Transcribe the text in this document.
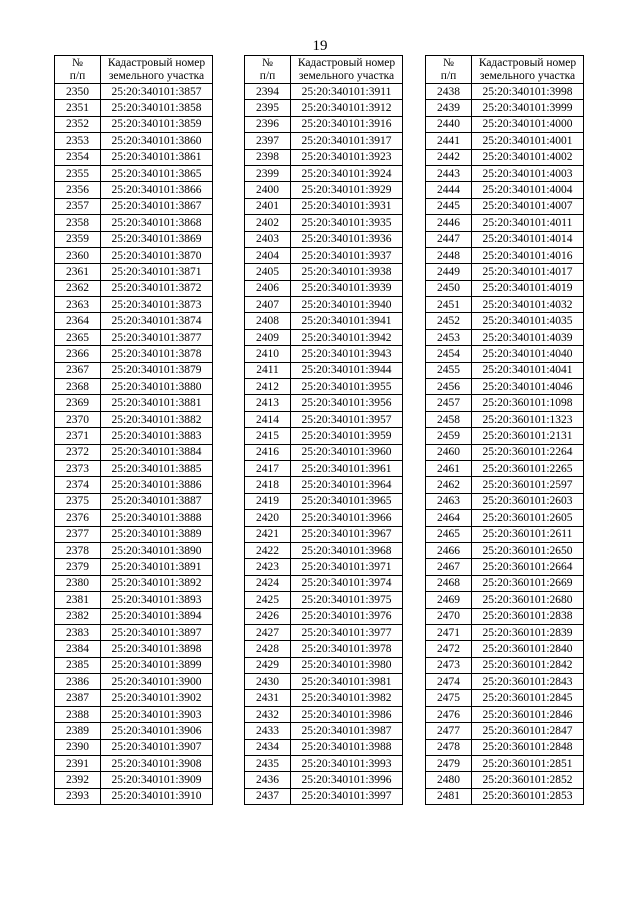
19
№
п/п	Кадастровый номер
земельного участка
2350	25:20:340101:3857
2351	25:20:340101:3858
2352	25:20:340101:3859
2353	25:20:340101:3860
2354	25:20:340101:3861
2355	25:20:340101:3865
2356	25:20:340101:3866
2357	25:20:340101:3867
2358	25:20:340101:3868
2359	25:20:340101:3869
2360	25:20:340101:3870
2361	25:20:340101:3871
2362	25:20:340101:3872
2363	25:20:340101:3873
2364	25:20:340101:3874
2365	25:20:340101:3877
2366	25:20:340101:3878
2367	25:20:340101:3879
2368	25:20:340101:3880
2369	25:20:340101:3881
2370	25:20:340101:3882
2371	25:20:340101:3883
2372	25:20:340101:3884
2373	25:20:340101:3885
2374	25:20:340101:3886
2375	25:20:340101:3887
2376	25:20:340101:3888
2377	25:20:340101:3889
2378	25:20:340101:3890
2379	25:20:340101:3891
2380	25:20:340101:3892
2381	25:20:340101:3893
2382	25:20:340101:3894
2383	25:20:340101:3897
2384	25:20:340101:3898
2385	25:20:340101:3899
2386	25:20:340101:3900
2387	25:20:340101:3902
2388	25:20:340101:3903
2389	25:20:340101:3906
2390	25:20:340101:3907
2391	25:20:340101:3908
2392	25:20:340101:3909
2393	25:20:340101:3910
№
п/п	Кадастровый номер
земельного участка
2394	25:20:340101:3911
2395	25:20:340101:3912
2396	25:20:340101:3916
2397	25:20:340101:3917
2398	25:20:340101:3923
2399	25:20:340101:3924
2400	25:20:340101:3929
2401	25:20:340101:3931
2402	25:20:340101:3935
2403	25:20:340101:3936
2404	25:20:340101:3937
2405	25:20:340101:3938
2406	25:20:340101:3939
2407	25:20:340101:3940
2408	25:20:340101:3941
2409	25:20:340101:3942
2410	25:20:340101:3943
2411	25:20:340101:3944
2412	25:20:340101:3955
2413	25:20:340101:3956
2414	25:20:340101:3957
2415	25:20:340101:3959
2416	25:20:340101:3960
2417	25:20:340101:3961
2418	25:20:340101:3964
2419	25:20:340101:3965
2420	25:20:340101:3966
2421	25:20:340101:3967
2422	25:20:340101:3968
2423	25:20:340101:3971
2424	25:20:340101:3974
2425	25:20:340101:3975
2426	25:20:340101:3976
2427	25:20:340101:3977
2428	25:20:340101:3978
2429	25:20:340101:3980
2430	25:20:340101:3981
2431	25:20:340101:3982
2432	25:20:340101:3986
2433	25:20:340101:3987
2434	25:20:340101:3988
2435	25:20:340101:3993
2436	25:20:340101:3996
2437	25:20:340101:3997
№
п/п	Кадастровый номер
земельного участка
2438	25:20:340101:3998
2439	25:20:340101:3999
2440	25:20:340101:4000
2441	25:20:340101:4001
2442	25:20:340101:4002
2443	25:20:340101:4003
2444	25:20:340101:4004
2445	25:20:340101:4007
2446	25:20:340101:4011
2447	25:20:340101:4014
2448	25:20:340101:4016
2449	25:20:340101:4017
2450	25:20:340101:4019
2451	25:20:340101:4032
2452	25:20:340101:4035
2453	25:20:340101:4039
2454	25:20:340101:4040
2455	25:20:340101:4041
2456	25:20:340101:4046
2457	25:20:360101:1098
2458	25:20:360101:1323
2459	25:20:360101:2131
2460	25:20:360101:2264
2461	25:20:360101:2265
2462	25:20:360101:2597
2463	25:20:360101:2603
2464	25:20:360101:2605
2465	25:20:360101:2611
2466	25:20:360101:2650
2467	25:20:360101:2664
2468	25:20:360101:2669
2469	25:20:360101:2680
2470	25:20:360101:2838
2471	25:20:360101:2839
2472	25:20:360101:2840
2473	25:20:360101:2842
2474	25:20:360101:2843
2475	25:20:360101:2845
2476	25:20:360101:2846
2477	25:20:360101:2847
2478	25:20:360101:2848
2479	25:20:360101:2851
2480	25:20:360101:2852
2481	25:20:360101:2853
